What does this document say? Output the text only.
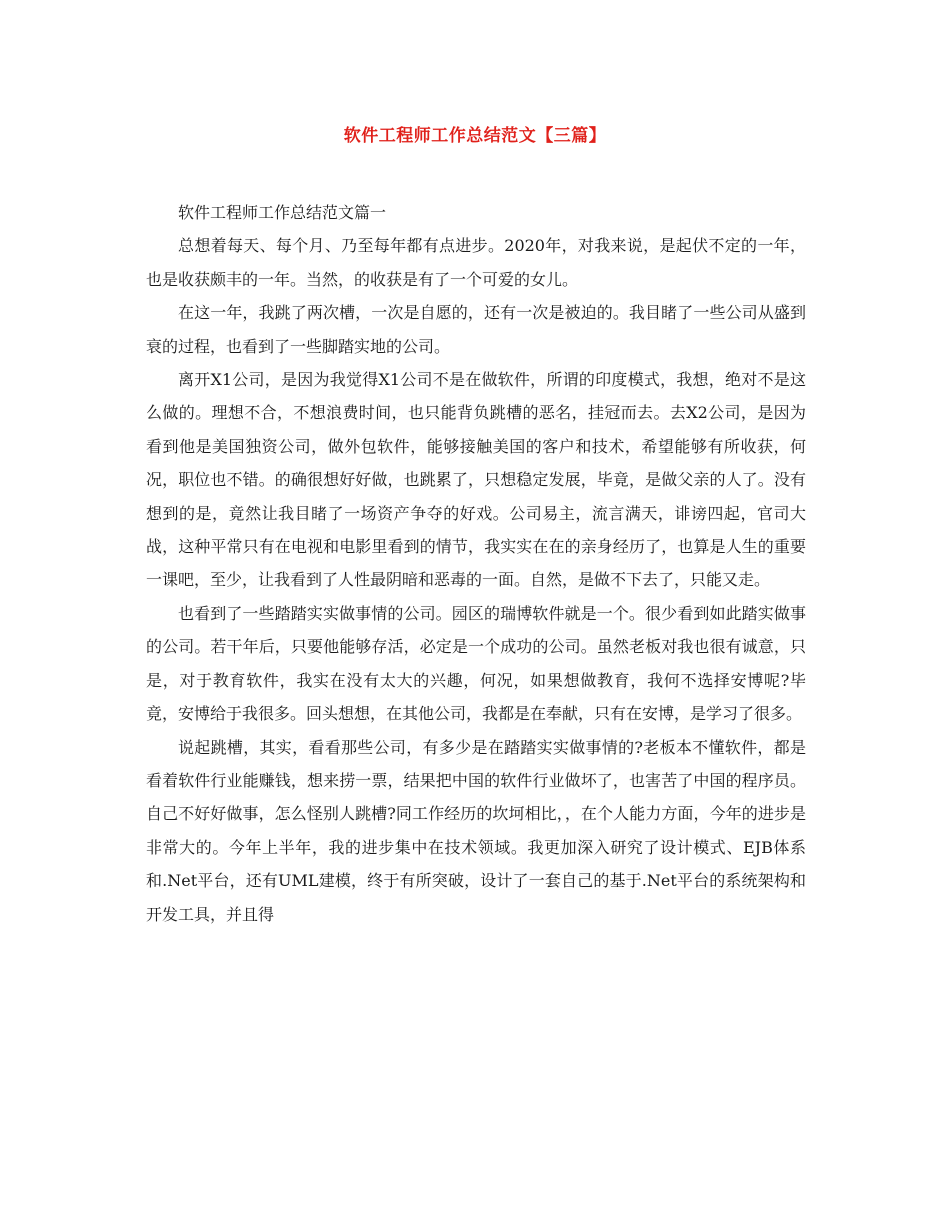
软件工程师工作总结范文【三篇】

软件工程师工作总结范文篇一

总想着每天、每个月、乃至每年都有点进步。2020年，对我来说，是起伏不定的一年，也是收获颇丰的一年。当然，的收获是有了一个可爱的女儿。

在这一年，我跳了两次槽，一次是自愿的，还有一次是被迫的。我目睹了一些公司从盛到衰的过程，也看到了一些脚踏实地的公司。

离开X1公司，是因为我觉得X1公司不是在做软件，所谓的印度模式，我想，绝对不是这么做的。理想不合，不想浪费时间，也只能背负跳槽的恶名，挂冠而去。去X2公司，是因为看到他是美国独资公司，做外包软件，能够接触美国的客户和技术，希望能够有所收获，何况，职位也不错。的确很想好好做，也跳累了，只想稳定发展，毕竟，是做父亲的人了。没有想到的是，竟然让我目睹了一场资产争夺的好戏。公司易主，流言满天，诽谤四起，官司大战，这种平常只有在电视和电影里看到的情节，我实实在在的亲身经历了，也算是人生的重要一课吧，至少，让我看到了人性最阴暗和恶毒的一面。自然，是做不下去了，只能又走。

也看到了一些踏踏实实做事情的公司。园区的瑞博软件就是一个。很少看到如此踏实做事的公司。若干年后，只要他能够存活，必定是一个成功的公司。虽然老板对我也很有诚意，只是，对于教育软件，我实在没有太大的兴趣，何况，如果想做教育，我何不选择安博呢?毕竟，安博给于我很多。回头想想，在其他公司，我都是在奉献，只有在安博，是学习了很多。

说起跳槽，其实，看看那些公司，有多少是在踏踏实实做事情的?老板本不懂软件，都是看着软件行业能赚钱，想来捞一票，结果把中国的软件行业做坏了，也害苦了中国的程序员。自己不好好做事，怎么怪别人跳槽?同工作经历的坎坷相比，，在个人能力方面，今年的进步是非常大的。今年上半年，我的进步集中在技术领域。我更加深入研究了设计模式、EJB体系和.Net平台，还有UML建模，终于有所突破，设计了一套自己的基于.Net平台的系统架构和开发工具，并且得
